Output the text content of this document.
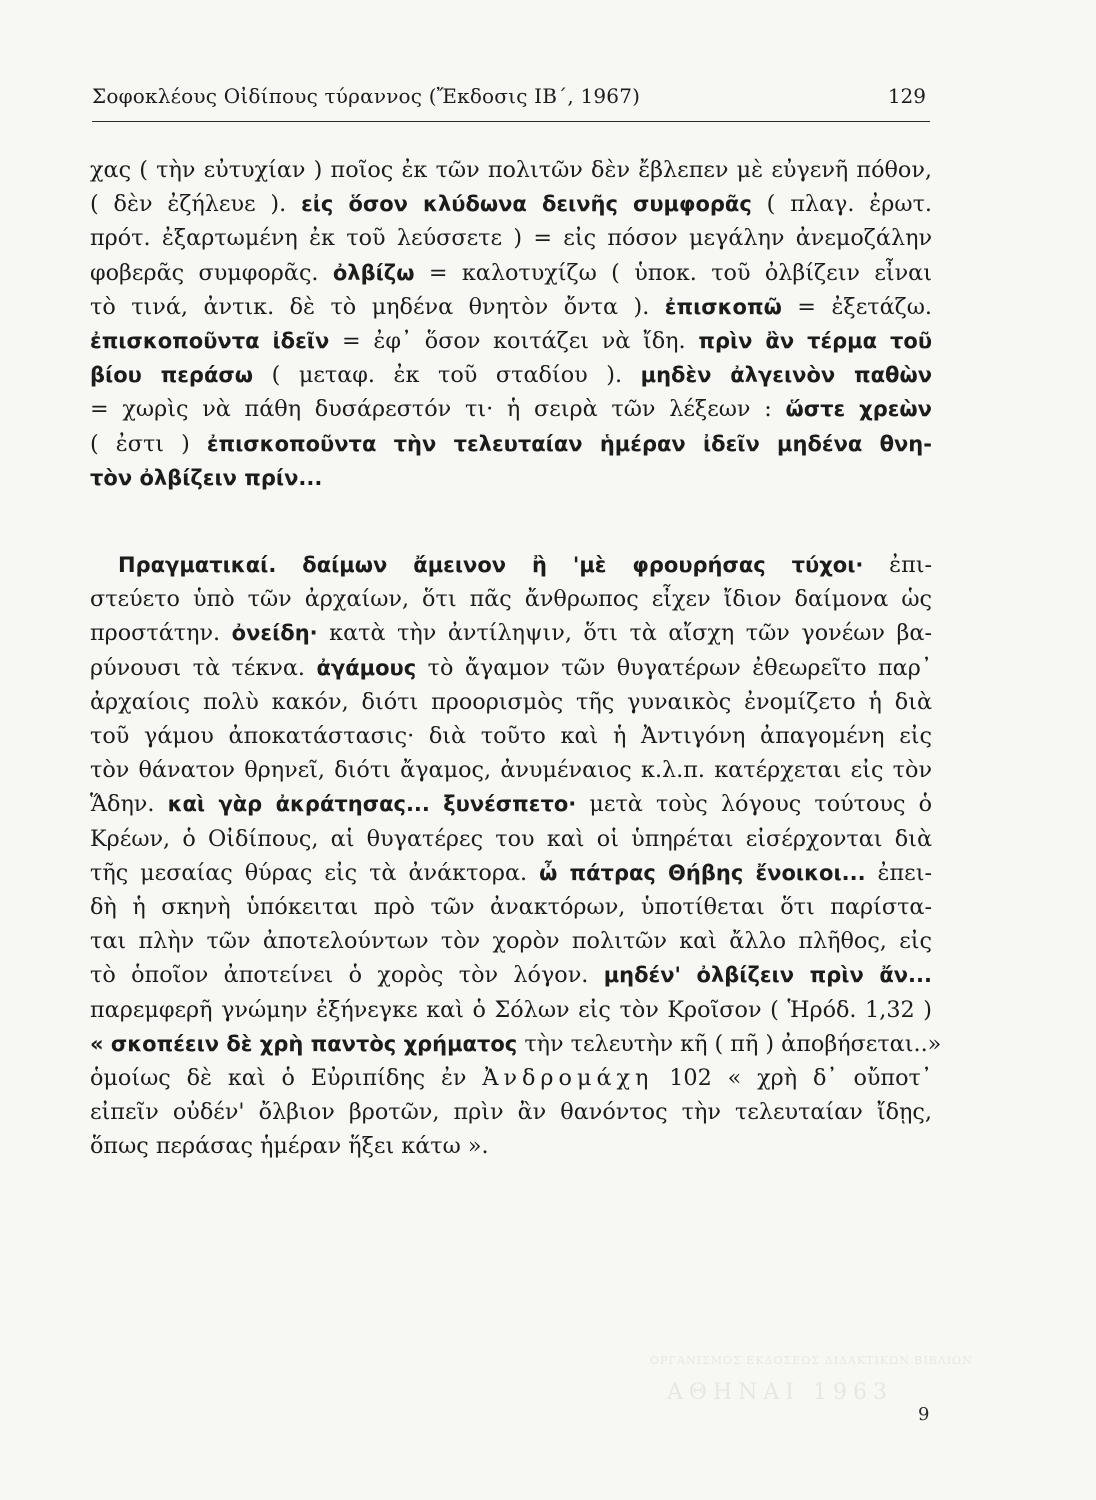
Σοφοκλέους Οἰδίπους τύραννος (Ἔκδοσις ΙΒ΄, 1967)	129
χας ( τὴν εὐτυχίαν ) ποῖος ἐκ τῶν πολιτῶν δὲν ἔβλεπεν μὲ εὐγενῆ πόθον,
( δὲν ἐζήλευε ). εἰς ὅσον κλύδωνα δεινῆς συμφορᾶς ( πλαγ. ἐρωτ.
πρότ. ἐξαρτωμένη ἐκ τοῦ λεύσσετε ) = εἰς πόσον μεγάλην ἀνεμοζάλην
φοβερᾶς συμφορᾶς. ὀλβίζω = καλοτυχίζω ( ὑποκ. τοῦ ὀλβίζειν εἶναι
τὸ τινά, ἀντικ. δὲ τὸ μηδένα θνητὸν ὄντα ). ἐπισκοπῶ = ἐξετάζω.
ἐπισκοποῦντα ἰδεῖν = ἐφ᾿ ὅσον κοιτάζει νὰ ἴδη. πρὶν ἂν τέρμα τοῦ
βίου περάσω ( μεταφ. ἐκ τοῦ σταδίου ). μηδὲν ἀλγεινὸν παθὼν
= χωρὶς νὰ πάθη δυσάρεστόν τι· ἡ σειρὰ τῶν λέξεων : ὥστε χρεὼν
( ἐστι ) ἐπισκοποῦντα τὴν τελευταίαν ἡμέραν ἰδεῖν μηδένα θνη-
τὸν ὀλβίζειν πρίν...
Πραγματικαί. δαίμων ἄμεινον ἢ 'μὲ φρουρήσας τύχοι· ἐπι-
στεύετο ὑπὸ τῶν ἀρχαίων, ὅτι πᾶς ἄνθρωπος εἶχεν ἴδιον δαίμονα ὡς
προστάτην. ὀνείδη· κατὰ τὴν ἀντίληψιν, ὅτι τὰ αἴσχη τῶν γονέων βα-
ρύνουσι τὰ τέκνα. ἀγάμους τὸ ἄγαμον τῶν θυγατέρων ἐθεωρεῖτο παρ᾿
ἀρχαίοις πολὺ κακόν, διότι προορισμὸς τῆς γυναικὸς ἐνομίζετο ἡ διὰ
τοῦ γάμου ἀποκατάστασις· διὰ τοῦτο καὶ ἡ Ἀντιγόνη ἀπαγομένη εἰς
τὸν θάνατον θρηνεῖ, διότι ἄγαμος, ἀνυμέναιος κ.λ.π. κατέρχεται εἰς τὸν
Ἅδην. καὶ γὰρ ἀκράτησας... ξυνέσπετο· μετὰ τοὺς λόγους τούτους ὁ
Κρέων, ὁ Οἰδίπους, αἱ θυγατέρες του καὶ οἱ ὑπηρέται εἰσέρχονται διὰ
τῆς μεσαίας θύρας εἰς τὰ ἀνάκτορα. ὦ πάτρας Θήβης ἔνοικοι... ἐπει-
δὴ ἡ σκηνὴ ὑπόκειται πρὸ τῶν ἀνακτόρων, ὑποτίθεται ὅτι παρίστα-
ται πλὴν τῶν ἀποτελούντων τὸν χορὸν πολιτῶν καὶ ἄλλο πλῆθος, εἰς
τὸ ὁποῖον ἀποτείνει ὁ χορὸς τὸν λόγον. μηδέν' ὀλβίζειν πρὶν ἄν...
παρεμφερῆ γνώμην ἐξήνεγκε καὶ ὁ Σόλων εἰς τὸν Κροῖσον ( Ἡρόδ. 1,32 )
« σκοπέειν δὲ χρὴ παντὸς χρήματος τὴν τελευτὴν κῆ ( πῆ ) ἀποβήσεται..»
ὁμοίως δὲ καὶ ὁ Εὐριπίδης ἐν Ἀνδρομάχη 102 « χρὴ δ᾿ οὔποτ᾿
εἰπεῖν οὐδέν' ὄλβιον βροτῶν, πρὶν ἂν θανόντος τὴν τελευταίαν ἴδῃς,
ὅπως περάσας ἡμέραν ἥξει κάτω ».
ΟΡΓΑΝΙΣΜΟΣ ΕΚΔΟΣΕΩΣ ΔΙΔΑΚΤΙΚΩΝ ΒΙΒΛΙΩΝ
ΑΘΗΝΑΙ 1963
9
